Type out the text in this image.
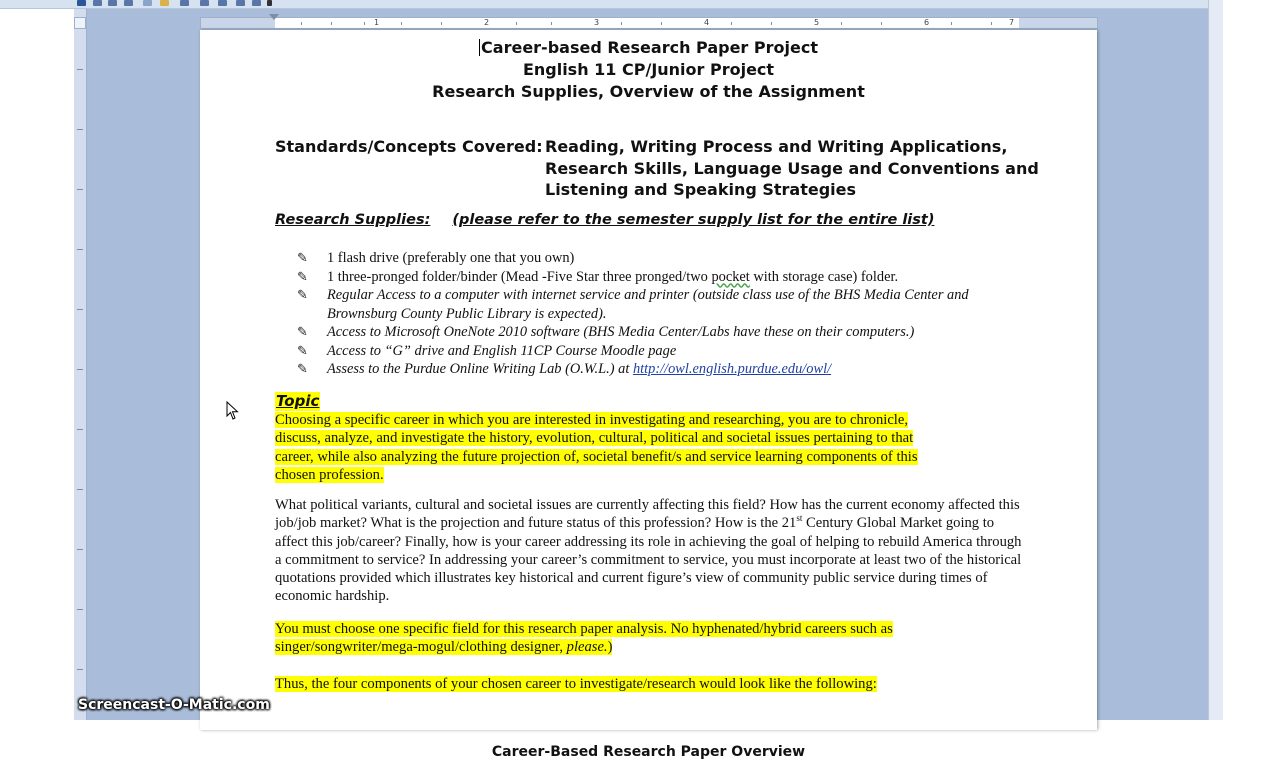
1	2	3	4	5	6	7
Career-based Research Paper Project
English 11 CP/Junior Project
Research Supplies, Overview of the Assignment
Standards/Concepts Covered: Reading, Writing Process and Writing Applications,
Research Skills, Language Usage and Conventions and
Listening and Speaking Strategies
Research Supplies: (please refer to the semester supply list for the entire list)
✎ 1 flash drive (preferably one that you own)
✎ 1 three-pronged folder/binder (Mead -Five Star three pronged/two pocket with storage case) folder.
✎ Regular Access to a computer with internet service and printer (outside class use of the BHS Media Center and Brownsburg County Public Library is expected).
✎ Access to Microsoft OneNote 2010 software (BHS Media Center/Labs have these on their computers.)
✎ Access to “G” drive and English 11CP Course Moodle page
✎ Assess to the Purdue Online Writing Lab (O.W.L.) at http://owl.english.purdue.edu/owl/
Topic
Choosing a specific career in which you are interested in investigating and researching, you are to chronicle,
discuss, analyze, and investigate the history, evolution, cultural, political and societal issues pertaining to that
career, while also analyzing the future projection of, societal benefit/s and service learning components of this
chosen profession.
What political variants, cultural and societal issues are currently affecting this field? How has the current economy affected this job/job market? What is the projection and future status of this profession? How is the 21st Century Global Market going to affect this job/career? Finally, how is your career addressing its role in achieving the goal of helping to rebuild America through a commitment to service? In addressing your career’s commitment to service, you must incorporate at least two of the historical quotations provided which illustrates key historical and current figure’s view of community public service during times of economic hardship.
You must choose one specific field for this research paper analysis. No hyphenated/hybrid careers such as
singer/songwriter/mega-mogul/clothing designer, please.)
Thus, the four components of your chosen career to investigate/research would look like the following:
Career-Based Research Paper Overview
Screencast-O-Matic.com
